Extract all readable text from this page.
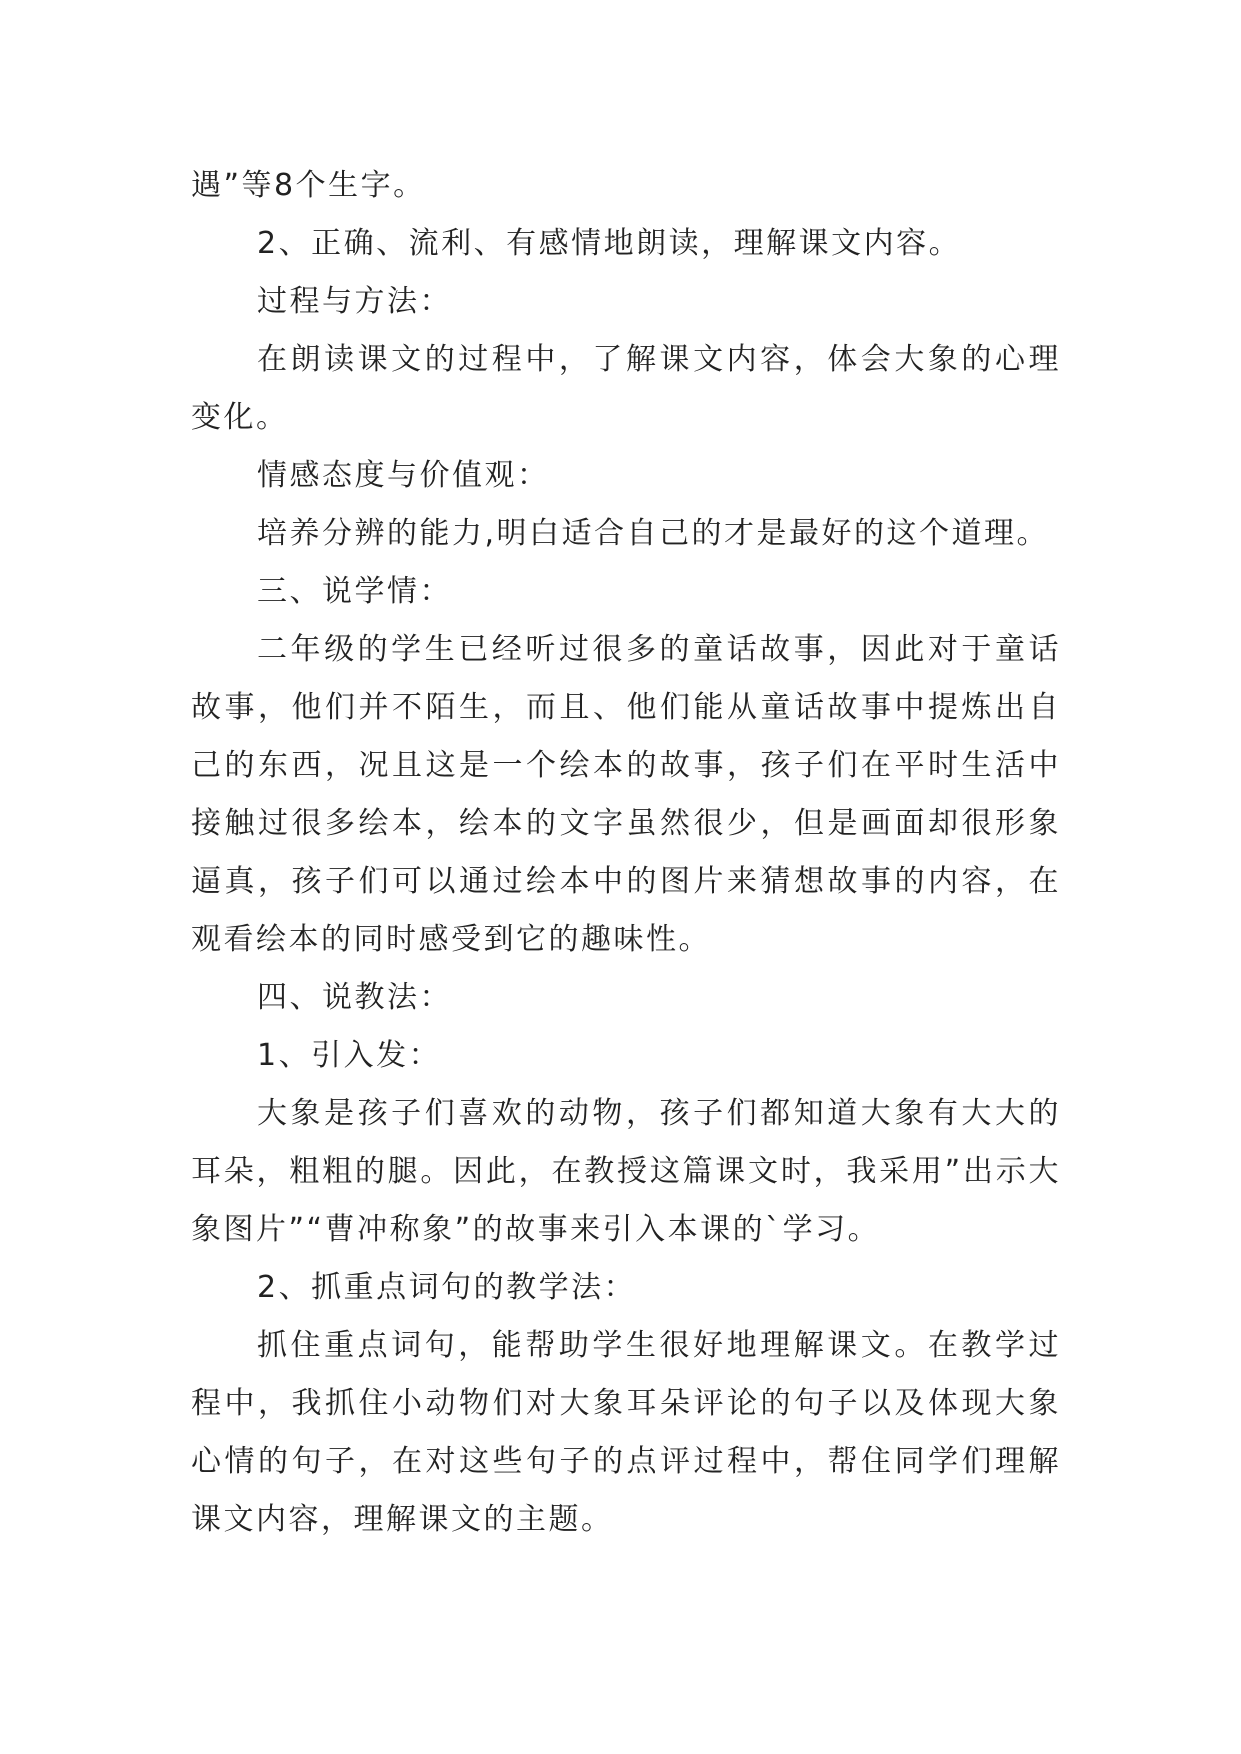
遇”等8个生字。

2、正确、流利、有感情地朗读，理解课文内容。

过程与方法：

在朗读课文的过程中，了解课文内容，体会大象的心理变化。

情感态度与价值观：

培养分辨的能力,明白适合自己的才是最好的这个道理。

三、说学情：

二年级的学生已经听过很多的童话故事，因此对于童话故事，他们并不陌生，而且、他们能从童话故事中提炼出自己的东西，况且这是一个绘本的故事，孩子们在平时生活中接触过很多绘本，绘本的文字虽然很少，但是画面却很形象逼真，孩子们可以通过绘本中的图片来猜想故事的内容，在观看绘本的同时感受到它的趣味性。

四、说教法：

1、引入发：

大象是孩子们喜欢的动物，孩子们都知道大象有大大的耳朵，粗粗的腿。因此，在教授这篇课文时，我采用”出示大象图片”“曹冲称象”的故事来引入本课的`学习。

2、抓重点词句的教学法：

抓住重点词句，能帮助学生很好地理解课文。在教学过程中，我抓住小动物们对大象耳朵评论的句子以及体现大象心情的句子，在对这些句子的点评过程中，帮住同学们理解课文内容，理解课文的主题。
